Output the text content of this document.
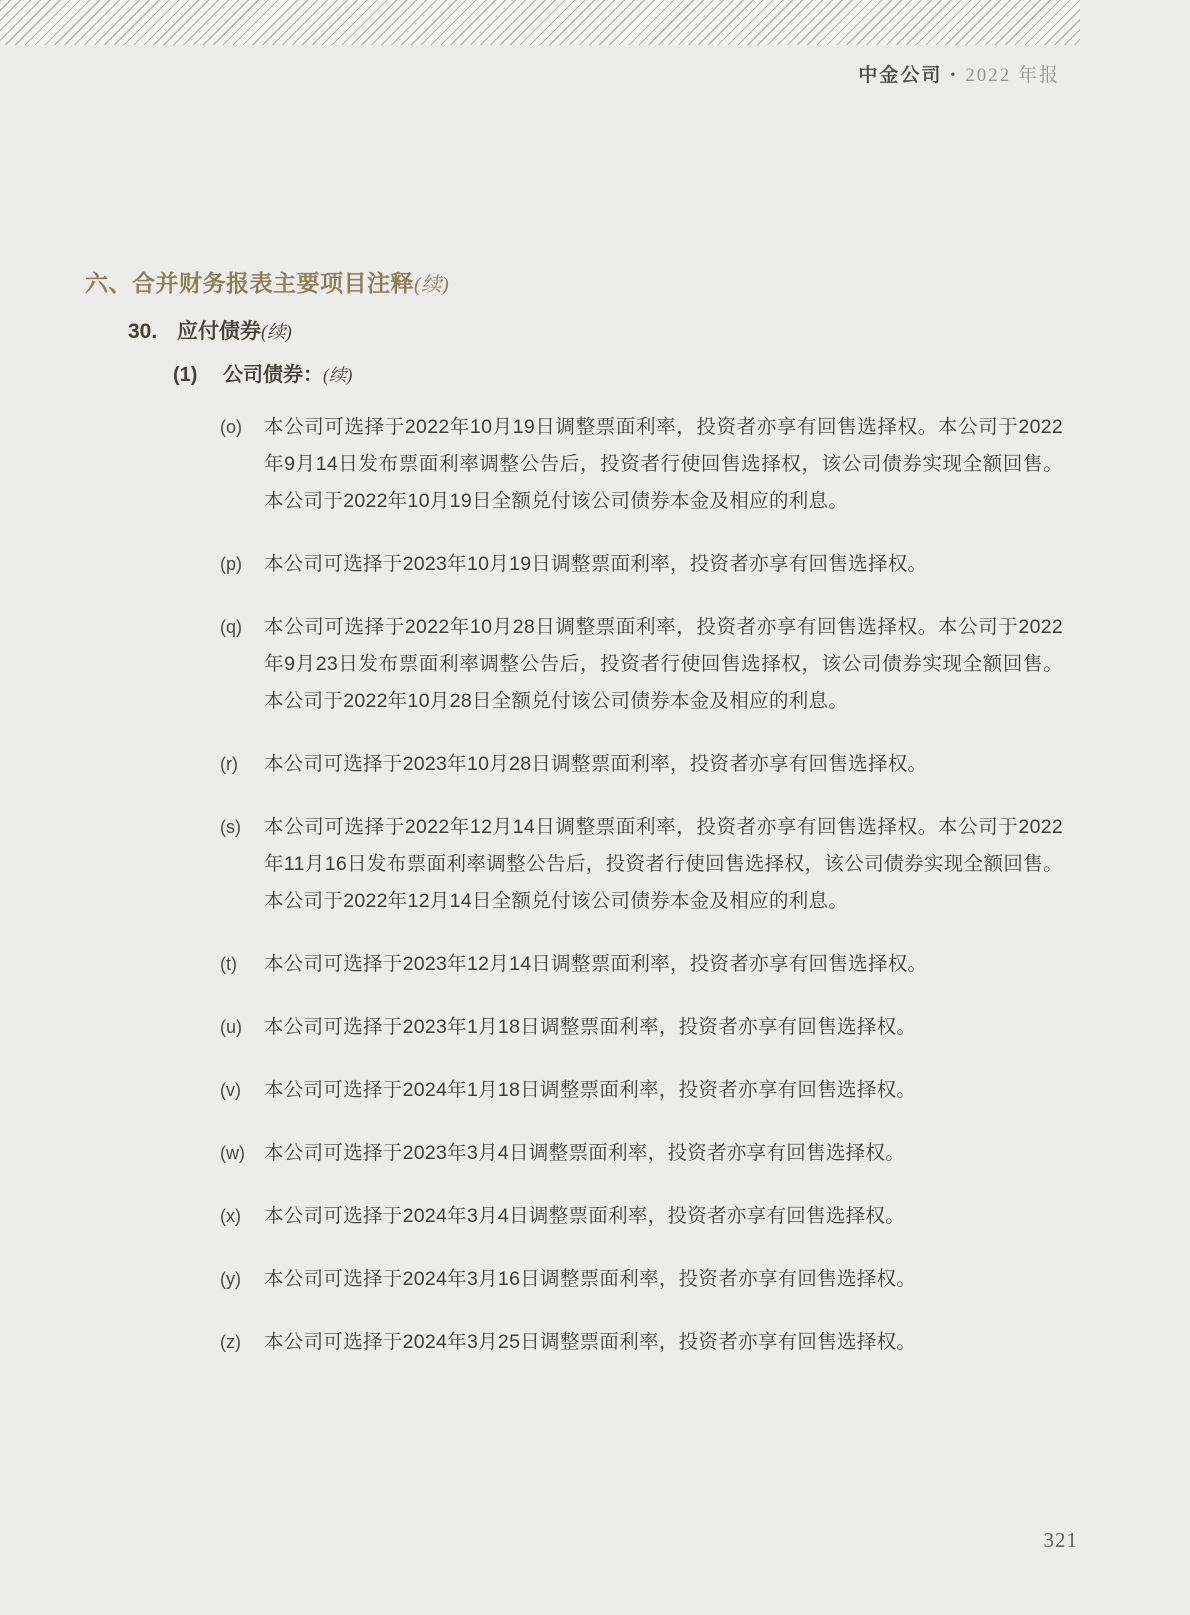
中金公司 • 2022 年报
六、合并财务报表主要项目注释(续)
30. 应付债券(续)
(1) 公司债券：(续)
(o)	本公司可选择于2022年10月19日调整票面利率，投资者亦享有回售选择权。本公司于2022年9月14日发布票面利率调整公告后，投资者行使回售选择权，该公司债券实现全额回售。本公司于2022年10月19日全额兑付该公司债券本金及相应的利息。
(p)	本公司可选择于2023年10月19日调整票面利率，投资者亦享有回售选择权。
(q)	本公司可选择于2022年10月28日调整票面利率，投资者亦享有回售选择权。本公司于2022年9月23日发布票面利率调整公告后，投资者行使回售选择权，该公司债券实现全额回售。本公司于2022年10月28日全额兑付该公司债券本金及相应的利息。
(r)	本公司可选择于2023年10月28日调整票面利率，投资者亦享有回售选择权。
(s)	本公司可选择于2022年12月14日调整票面利率，投资者亦享有回售选择权。本公司于2022年11月16日发布票面利率调整公告后，投资者行使回售选择权，该公司债券实现全额回售。本公司于2022年12月14日全额兑付该公司债券本金及相应的利息。
(t)	本公司可选择于2023年12月14日调整票面利率，投资者亦享有回售选择权。
(u)	本公司可选择于2023年1月18日调整票面利率，投资者亦享有回售选择权。
(v)	本公司可选择于2024年1月18日调整票面利率，投资者亦享有回售选择权。
(w) 本公司可选择于2023年3月4日调整票面利率，投资者亦享有回售选择权。
(x)	本公司可选择于2024年3月4日调整票面利率，投资者亦享有回售选择权。
(y)	本公司可选择于2024年3月16日调整票面利率，投资者亦享有回售选择权。
(z)	本公司可选择于2024年3月25日调整票面利率，投资者亦享有回售选择权。
321
